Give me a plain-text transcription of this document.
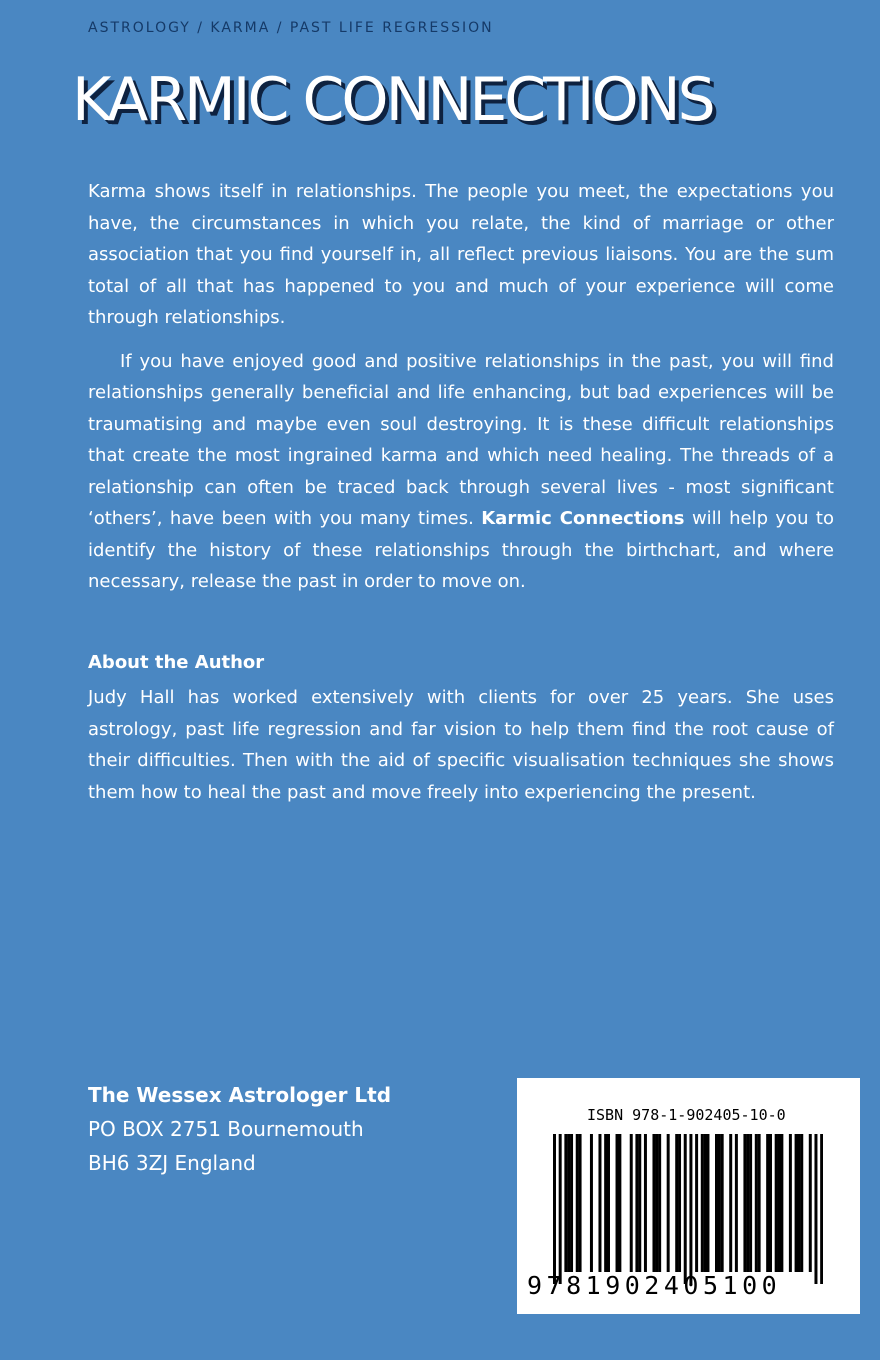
ASTROLOGY / KARMA / PAST LIFE REGRESSION
KARMIC CONNECTIONS

Karma shows itself in relationships. The people you meet, the expectations you have, the circumstances in which you relate, the kind of marriage or other association that you find yourself in, all reflect previous liaisons. You are the sum total of all that has happened to you and much of your experience will come through relationships.

If you have enjoyed good and positive relationships in the past, you will find relationships generally beneficial and life enhancing, but bad experiences will be traumatising and maybe even soul destroying. It is these difficult relationships that create the most ingrained karma and which need healing. The threads of a relationship can often be traced back through several lives - most significant ‘others’, have been with you many times. Karmic Connections will help you to identify the history of these relationships through the birthchart, and where necessary, release the past in order to move on.

About the Author

Judy Hall has worked extensively with clients for over 25 years. She uses astrology, past life regression and far vision to help them find the root cause of their difficulties. Then with the aid of specific visualisation techniques she shows them how to heal the past and move freely into experiencing the present.

The Wessex Astrologer Ltd
PO BOX 2751 Bournemouth
BH6 3ZJ England
ISBN 978-1-902405-10-0
9781902405100
